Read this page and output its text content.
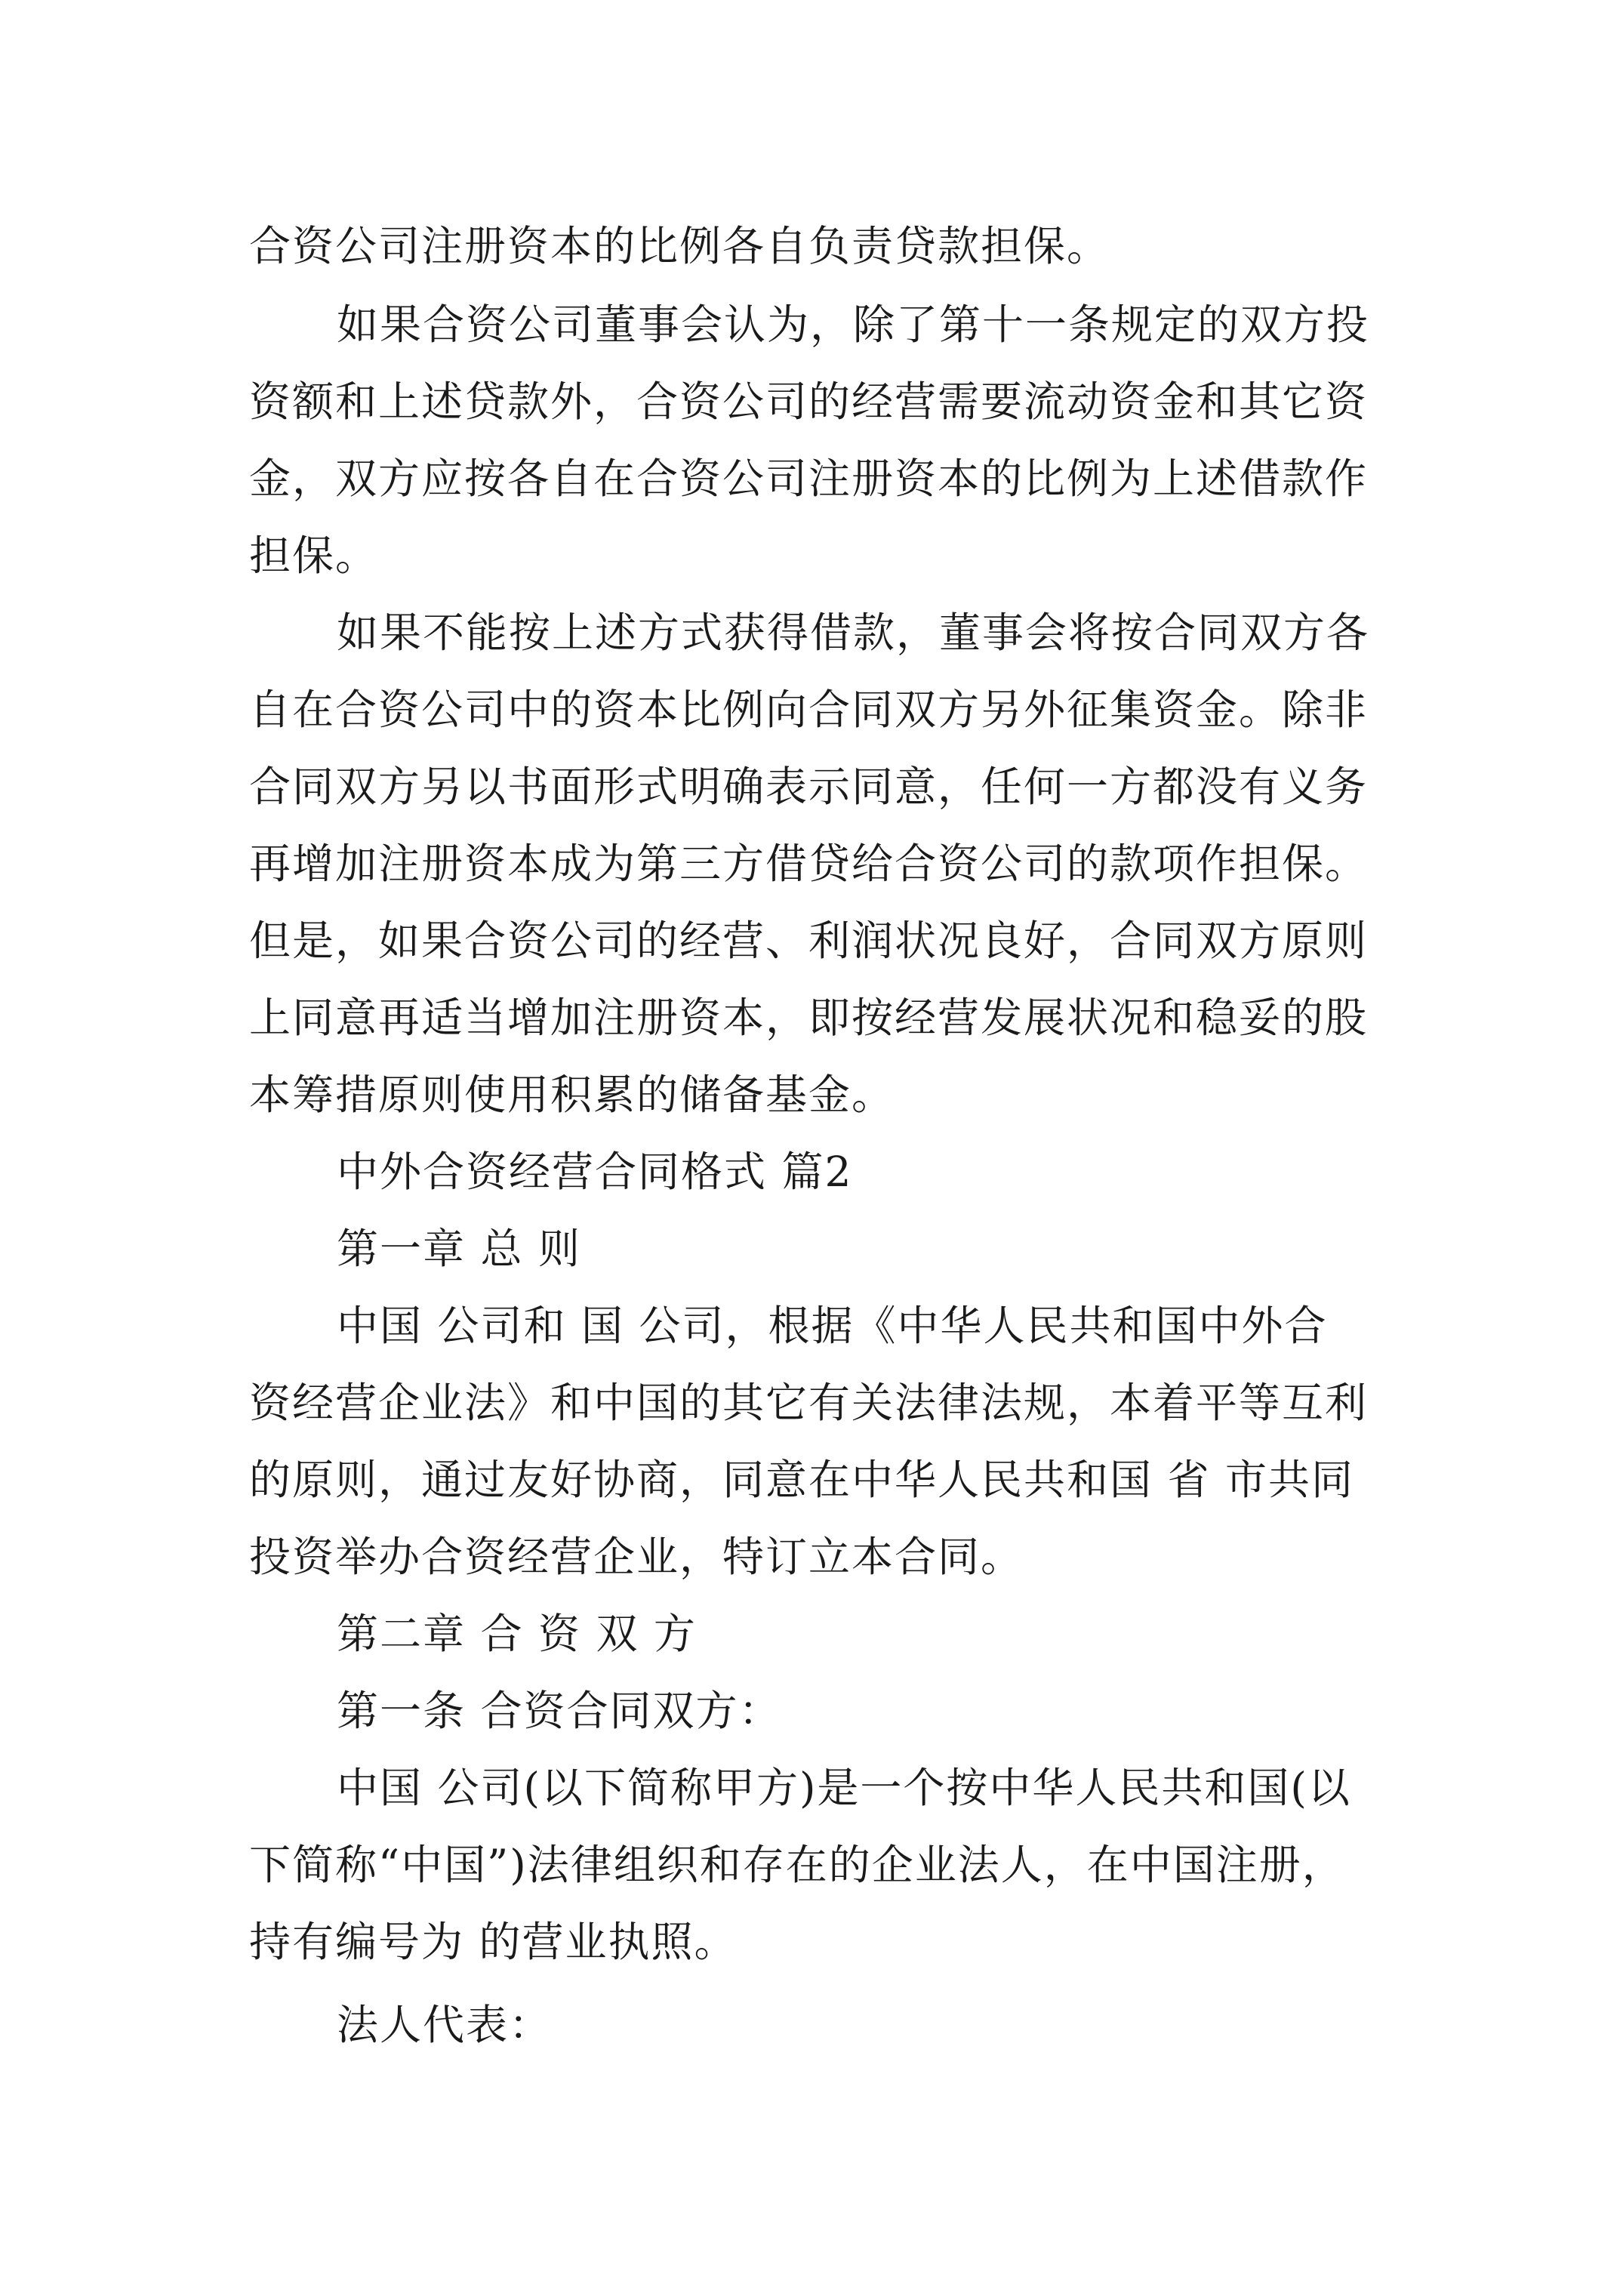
合资公司注册资本的比例各自负责贷款担保。

如果合资公司董事会认为，除了第十一条规定的双方投

资额和上述贷款外，合资公司的经营需要流动资金和其它资

金，双方应按各自在合资公司注册资本的比例为上述借款作

担保。

如果不能按上述方式获得借款，董事会将按合同双方各

自在合资公司中的资本比例向合同双方另外征集资金。除非

合同双方另以书面形式明确表示同意，任何一方都没有义务

再增加注册资本成为第三方借贷给合资公司的款项作担保。

但是，如果合资公司的经营、利润状况良好，合同双方原则

上同意再适当增加注册资本，即按经营发展状况和稳妥的股

本筹措原则使用积累的储备基金。

中外合资经营合同格式 篇2

第一章 总 则

中国 公司和 国 公司，根据《中华人民共和国中外合

资经营企业法》和中国的其它有关法律法规，本着平等互利

的原则，通过友好协商，同意在中华人民共和国 省 市共同

投资举办合资经营企业，特订立本合同。

第二章 合 资 双 方

第一条 合资合同双方：

中国 公司(以下简称甲方)是一个按中华人民共和国(以

下简称“中国”)法律组织和存在的企业法人，在中国注册，

持有编号为 的营业执照。

法人代表：
